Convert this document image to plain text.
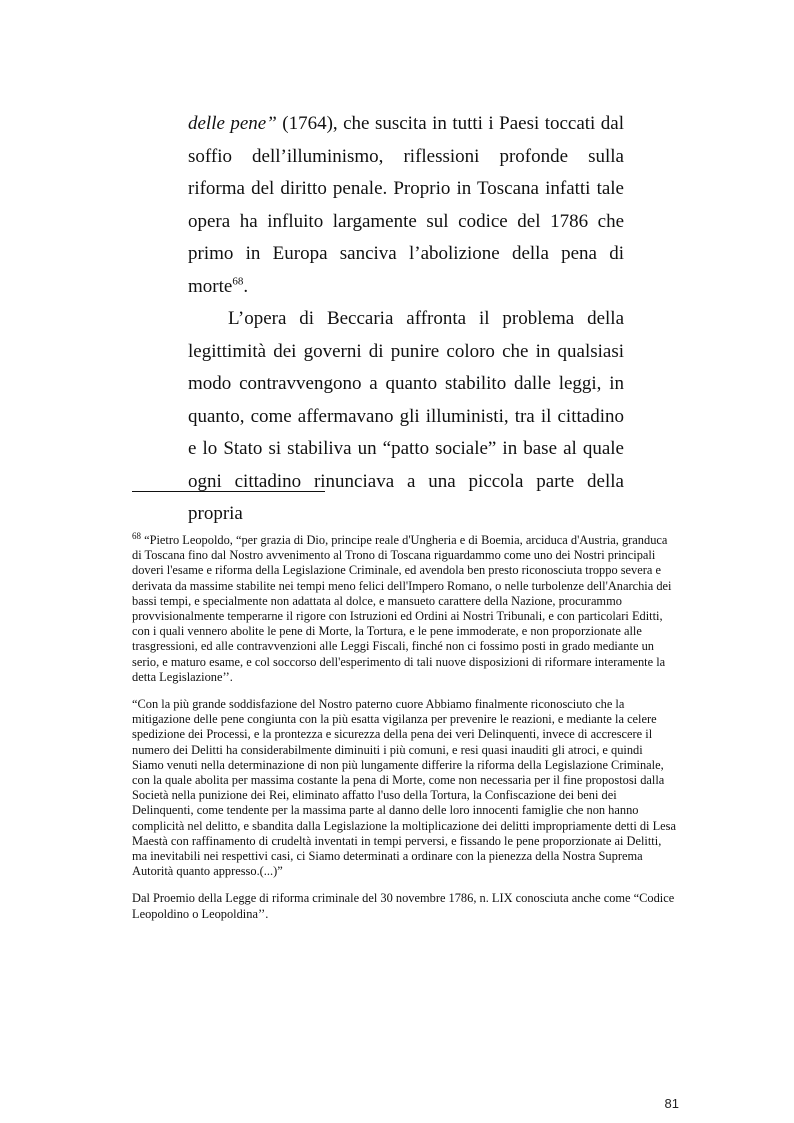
delle pene” (1764), che suscita in tutti i Paesi toccati dal soffio dell’illuminismo, riflessioni profonde sulla riforma del diritto penale. Proprio in Toscana infatti tale opera ha influito largamente sul codice del 1786 che primo in Europa sanciva l’abolizione della pena di morte$^{68}$.

L’opera di Beccaria affronta il problema della legittimità dei governi di punire coloro che in qualsiasi modo contravvengono a quanto stabilito dalle leggi, in quanto, come affermavano gli illuministi, tra il cittadino e lo Stato si stabiliva un “patto sociale” in base al quale ogni cittadino rinunciava a una piccola parte della propria

$^{68}$ “Pietro Leopoldo, “per grazia di Dio, principe reale d'Ungheria e di Boemia, arciduca d'Austria, granduca di Toscana fino dal Nostro avvenimento al Trono di Toscana riguardammo come uno dei Nostri principali doveri l'esame e riforma della Legislazione Criminale, ed avendola ben presto riconosciuta troppo severa e derivata da massime stabilite nei tempi meno felici dell'Impero Romano, o nelle turbolenze dell'Anarchia dei bassi tempi, e specialmente non adattata al dolce, e mansueto carattere della Nazione, procurammo provvisionalmente temperarne il rigore con Istruzioni ed Ordini ai Nostri Tribunali, e con particolari Editti, con i quali vennero abolite le pene di Morte, la Tortura, e le pene immoderate, e non proporzionate alle trasgressioni, ed alle contravvenzioni alle Leggi Fiscali, finché non ci fossimo posti in grado mediante un serio, e maturo esame, e col soccorso dell'esperimento di tali nuove disposizioni di riformare interamente la detta Legislazione’’.

“Con la più grande soddisfazione del Nostro paterno cuore Abbiamo finalmente riconosciuto che la mitigazione delle pene congiunta con la più esatta vigilanza per prevenire le reazioni, e mediante la celere spedizione dei Processi, e la prontezza e sicurezza della pena dei veri Delinquenti, invece di accrescere il numero dei Delitti ha considerabilmente diminuiti i più comuni, e resi quasi inauditi gli atroci, e quindi Siamo venuti nella determinazione di non più lungamente differire la riforma della Legislazione Criminale, con la quale abolita per massima costante la pena di Morte, come non necessaria per il fine propostosi dalla Società nella punizione dei Rei, eliminato affatto l'uso della Tortura, la Confiscazione dei beni dei Delinquenti, come tendente per la massima parte al danno delle loro innocenti famiglie che non hanno complicità nel delitto, e sbandita dalla Legislazione la moltiplicazione dei delitti impropriamente detti di Lesa Maestà con raffinamento di crudeltà inventati in tempi perversi, e fissando le pene proporzionate ai Delitti, ma inevitabili nei respettivi casi, ci Siamo determinati a ordinare con la pienezza della Nostra Suprema Autorità quanto appresso.(...)”

Dal Proemio della Legge di riforma criminale del 30 novembre 1786, n. LIX conosciuta anche come “Codice Leopoldino o Leopoldina’’.

81
